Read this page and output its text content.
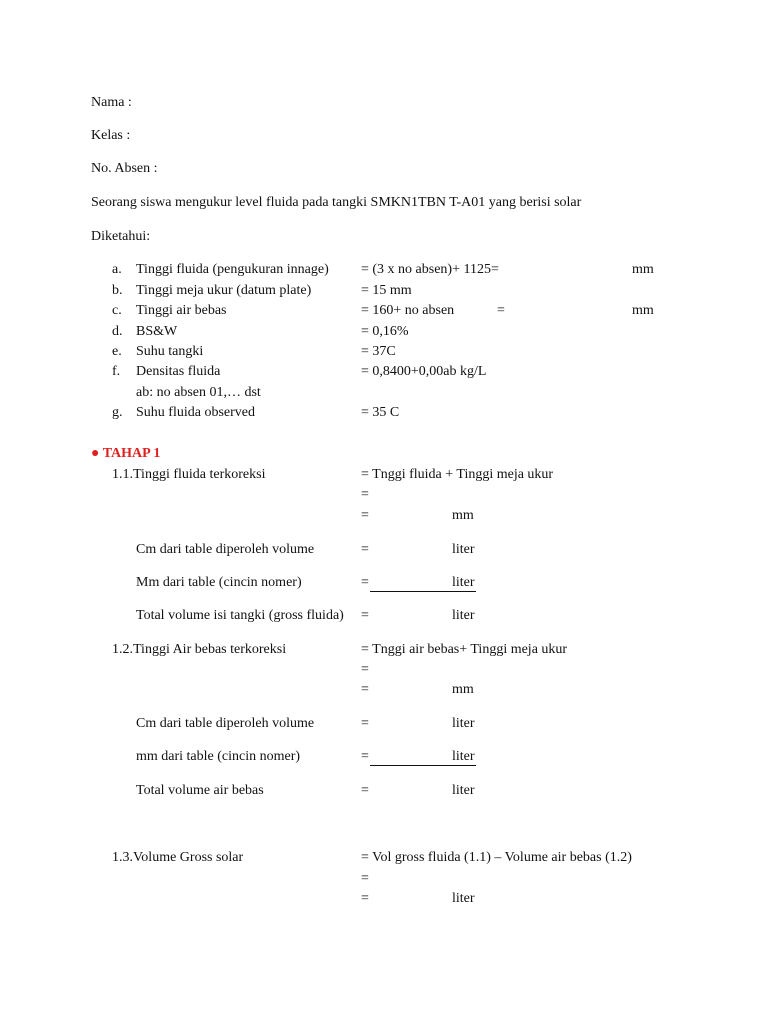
Nama :
Kelas :
No. Absen :
Seorang siswa mengukur level fluida pada tangki SMKN1TBN T-A01 yang berisi solar
Diketahui:
a. Tinggi fluida (pengukuran innage) = (3 x no absen)+ 1125=	mm
b. Tinggi meja ukur (datum plate)	= 15 mm
c. Tinggi air bebas	= 160+ no absen	=	mm
d. BS&W	= 0,16%
e. Suhu tangki	= 37C
f. Densitas fluida	= 0,8400+0,00ab kg/L
ab: no absen 01,… dst
g. Suhu fluida observed	= 35 C
● TAHAP 1
1.1.Tinggi fluida terkoreksi	= Tnggi fluida + Tinggi meja ukur
=
=	mm
Cm dari table diperoleh volume	=	liter
Mm dari table (cincin nomer)	=	liter
Total volume isi tangki (gross fluida) =	liter
1.2.Tinggi Air bebas terkoreksi	= Tnggi air bebas+ Tinggi meja ukur
=
=	mm
Cm dari table diperoleh volume	=	liter
mm dari table (cincin nomer)	=	liter
Total volume air bebas	=	liter
1.3.Volume Gross solar	= Vol gross fluida (1.1) – Volume air bebas (1.2)
=
=	liter
